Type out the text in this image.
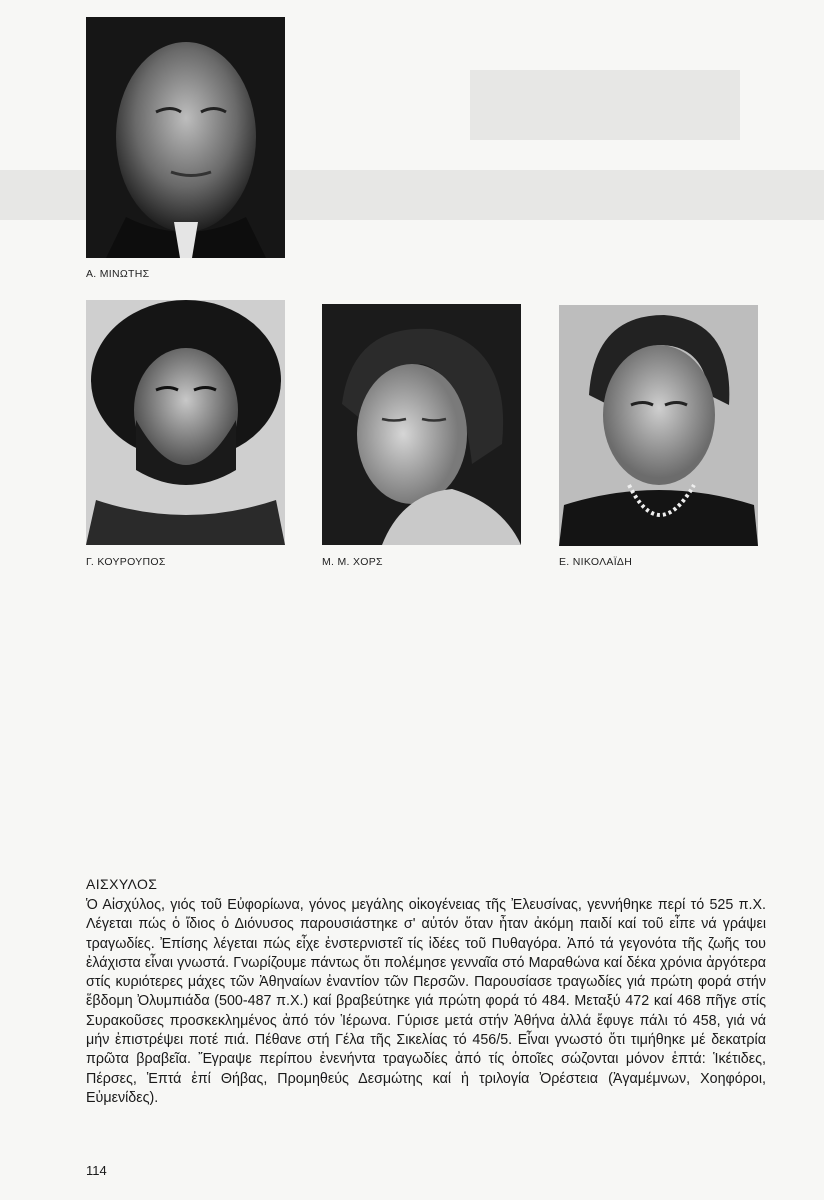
Α. ΜΙΝΩΤΗΣ
Γ. ΚΟΥΡΟΥΠΟΣ	Μ. Μ. ΧΟΡΣ	Ε. ΝΙΚΟΛΑΪΔΗ
ΑΙΣΧΥΛΟΣ

Ὁ Αἰσχύλος, γιός τοῦ Εὐφορίωνα, γόνος μεγάλης οἰκογένειας τῆς Ἐλευσίνας, γεννήθηκε περί τό 525 π.Χ. Λέγεται πώς ὁ ἴδιος ὁ Διόνυσος παρουσιάστηκε σ' αὐτόν ὅταν ἦταν ἀκόμη παιδί καί τοῦ εἶπε νά γράψει τραγωδίες. Ἐπίσης λέγεται πώς εἶχε ἐνστερνιστεῖ τίς ἰδέες τοῦ Πυθαγόρα. Ἀπό τά γεγονότα τῆς ζωῆς του ἐλάχιστα εἶναι γνωστά. Γνωρίζουμε πάντως ὅτι πολέμησε γενναῖα στό Μαραθώνα καί δέκα χρόνια ἀργότερα στίς κυριότερες μάχες τῶν Ἀθηναίων ἐναντίον τῶν Περσῶν. Παρουσίασε τραγωδίες γιά πρώτη φορά στήν ἕβδομη Ὀλυμπιάδα (500-487 π.Χ.) καί βραβεύτηκε γιά πρώτη φορά τό 484. Μεταξύ 472 καί 468 πῆγε στίς Συρακοῦσες προσκεκλημένος ἀπό τόν Ἱέρωνα. Γύρισε μετά στήν Ἀθήνα ἀλλά ἔφυγε πάλι τό 458, γιά νά μήν ἐπιστρέψει ποτέ πιά. Πέθανε στή Γέλα τῆς Σικελίας τό 456/5. Εἶναι γνωστό ὅτι τιμήθηκε μέ δεκατρία πρῶτα βραβεῖα. Ἔγραψε περίπου ἐνενήντα τραγωδίες ἀπό τίς ὁποῖες σώζονται μόνον ἑπτά: Ἱκέτιδες, Πέρσες, Ἑπτά ἐπί Θήβας, Προμηθεύς Δεσμώτης καί ἡ τριλογία Ὀρέστεια (Ἀγαμέμνων, Χοηφόροι, Εὐμενίδες).

114
